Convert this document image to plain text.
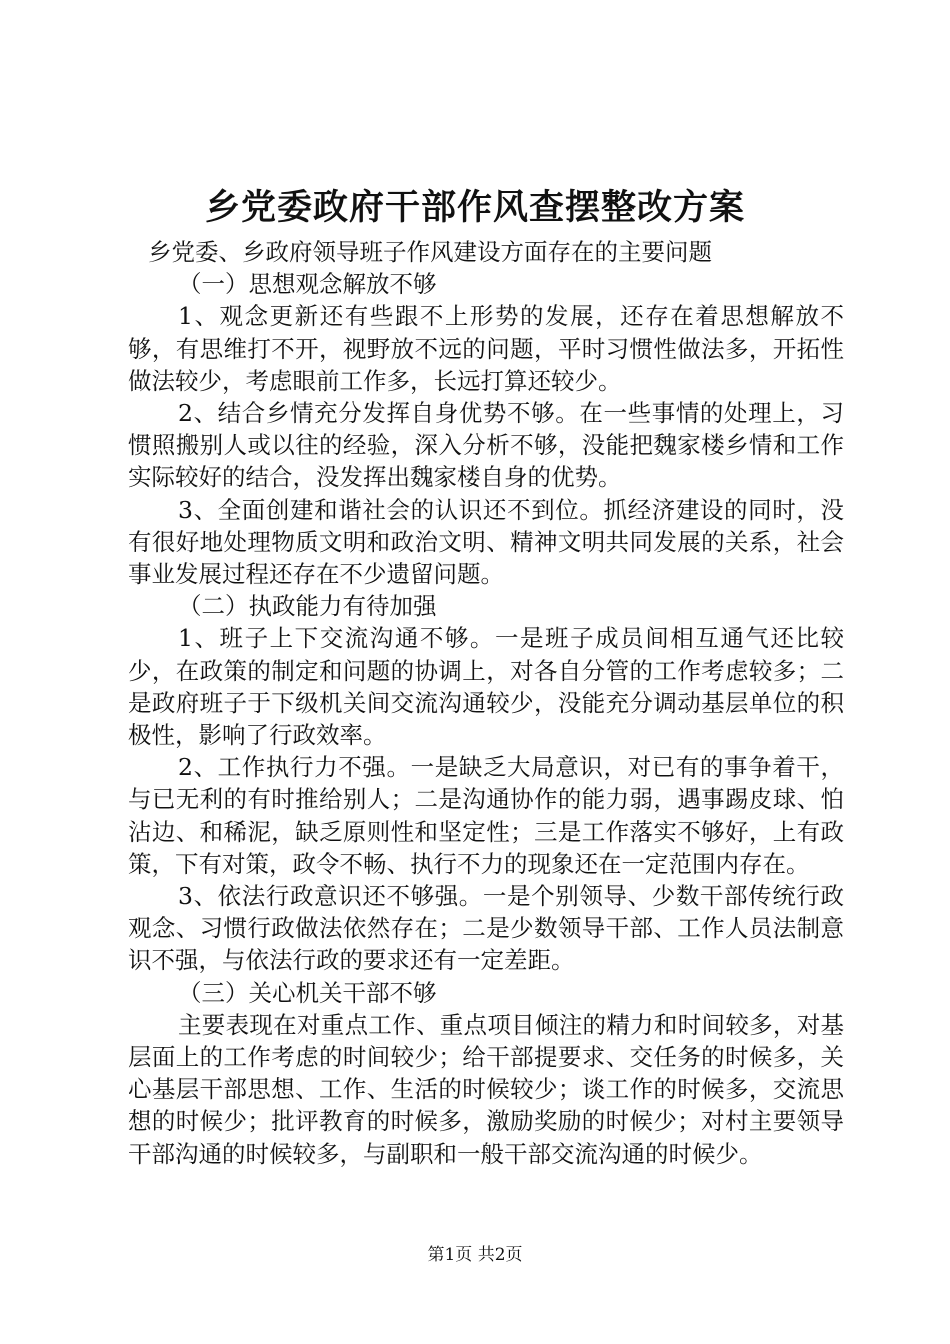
乡党委政府干部作风查摆整改方案

乡党委、乡政府领导班子作风建设方面存在的主要问题

（一）思想观念解放不够

1、观念更新还有些跟不上形势的发展，还存在着思想解放不够，有思维打不开，视野放不远的问题，平时习惯性做法多，开拓性做法较少，考虑眼前工作多，长远打算还较少。

2、结合乡情充分发挥自身优势不够。在一些事情的处理上，习惯照搬别人或以往的经验，深入分析不够，没能把魏家楼乡情和工作实际较好的结合，没发挥出魏家楼自身的优势。

3、全面创建和谐社会的认识还不到位。抓经济建设的同时，没有很好地处理物质文明和政治文明、精神文明共同发展的关系，社会事业发展过程还存在不少遗留问题。

（二）执政能力有待加强

1、班子上下交流沟通不够。一是班子成员间相互通气还比较少，在政策的制定和问题的协调上，对各自分管的工作考虑较多；二是政府班子于下级机关间交流沟通较少，没能充分调动基层单位的积极性，影响了行政效率。

2、工作执行力不强。一是缺乏大局意识，对已有的事争着干，与已无利的有时推给别人；二是沟通协作的能力弱，遇事踢皮球、怕沾边、和稀泥，缺乏原则性和坚定性；三是工作落实不够好，上有政策，下有对策，政令不畅、执行不力的现象还在一定范围内存在。

3、依法行政意识还不够强。一是个别领导、少数干部传统行政观念、习惯行政做法依然存在；二是少数领导干部、工作人员法制意识不强，与依法行政的要求还有一定差距。

（三）关心机关干部不够

主要表现在对重点工作、重点项目倾注的精力和时间较多，对基层面上的工作考虑的时间较少；给干部提要求、交任务的时候多，关心基层干部思想、工作、生活的时候较少；谈工作的时候多，交流思想的时候少；批评教育的时候多，激励奖励的时候少；对村主要领导干部沟通的时候较多，与副职和一般干部交流沟通的时候少。

第1页 共2页
